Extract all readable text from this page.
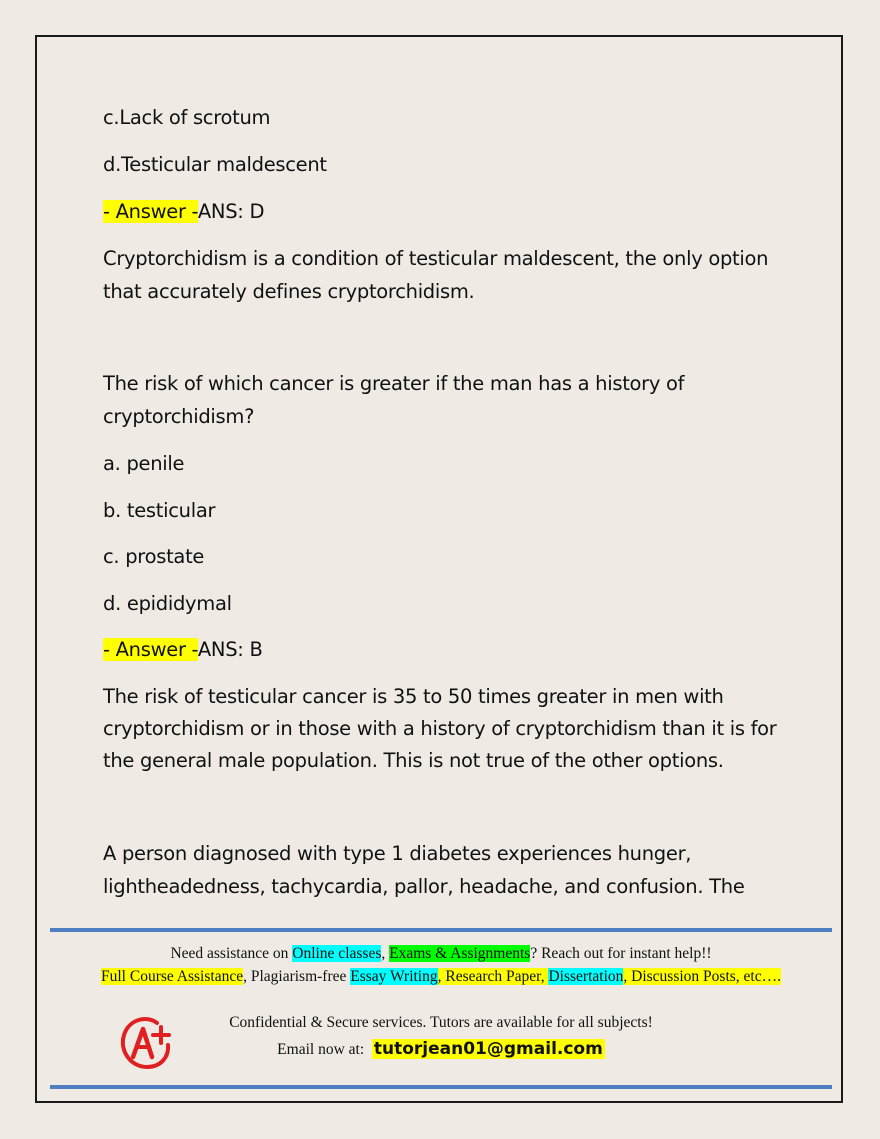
c.Lack of scrotum
d.Testicular maldescent
- Answer -ANS: D
Cryptorchidism is a condition of testicular maldescent, the only option
that accurately defines cryptorchidism.
The risk of which cancer is greater if the man has a history of
cryptorchidism?
a. penile
b. testicular
c. prostate
d. epididymal
- Answer -ANS: B
The risk of testicular cancer is 35 to 50 times greater in men with
cryptorchidism or in those with a history of cryptorchidism than it is for
the general male population. This is not true of the other options.
A person diagnosed with type 1 diabetes experiences hunger,
lightheadedness, tachycardia, pallor, headache, and confusion. The
Need assistance on Online classes, Exams & Assignments? Reach out for instant help!!
Full Course Assistance, Plagiarism-free Essay Writing, Research Paper, Dissertation, Discussion Posts, etc….
Confidential & Secure services. Tutors are available for all subjects!
Email now at: tutorjean01@gmail.com
